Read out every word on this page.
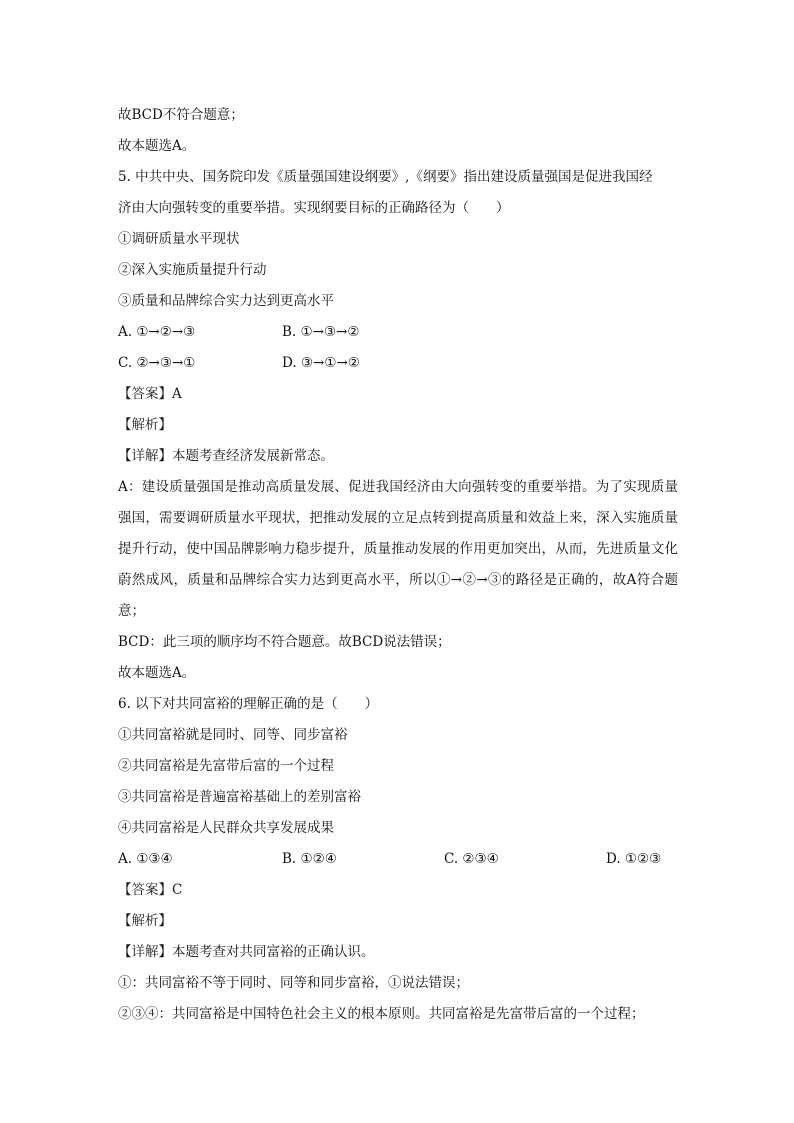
故BCD不符合题意；
故本题选A。
5. 中共中央、国务院印发《质量强国建设纲要》,《纲要》指出建设质量强国是促进我国经
济由大向强转变的重要举措。实现纲要目标的正确路径为（　　）
①调研质量水平现状
②深入实施质量提升行动
③质量和品牌综合实力达到更高水平
A. ①→②→③	B. ①→③→②
C. ②→③→①	D. ③→①→②
【答案】A
【解析】
【详解】本题考查经济发展新常态。
A：建设质量强国是推动高质量发展、促进我国经济由大向强转变的重要举措。为了实现质量强国，需要调研质量水平现状，把推动发展的立足点转到提高质量和效益上来，深入实施质量提升行动，使中国品牌影响力稳步提升，质量推动发展的作用更加突出，从而，先进质量文化蔚然成风，质量和品牌综合实力达到更高水平，所以①→②→③的路径是正确的，故A符合题意；
BCD：此三项的顺序均不符合题意。故BCD说法错误；
故本题选A。
6. 以下对共同富裕的理解正确的是（　　）
①共同富裕就是同时、同等、同步富裕
②共同富裕是先富带后富的一个过程
③共同富裕是普遍富裕基础上的差别富裕
④共同富裕是人民群众共享发展成果
A. ①③④	B. ①②④	C. ②③④	D. ①②③
【答案】C
【解析】
【详解】本题考查对共同富裕的正确认识。
①：共同富裕不等于同时、同等和同步富裕，①说法错误；
②③④：共同富裕是中国特色社会主义的根本原则。共同富裕是先富带后富的一个过程；
